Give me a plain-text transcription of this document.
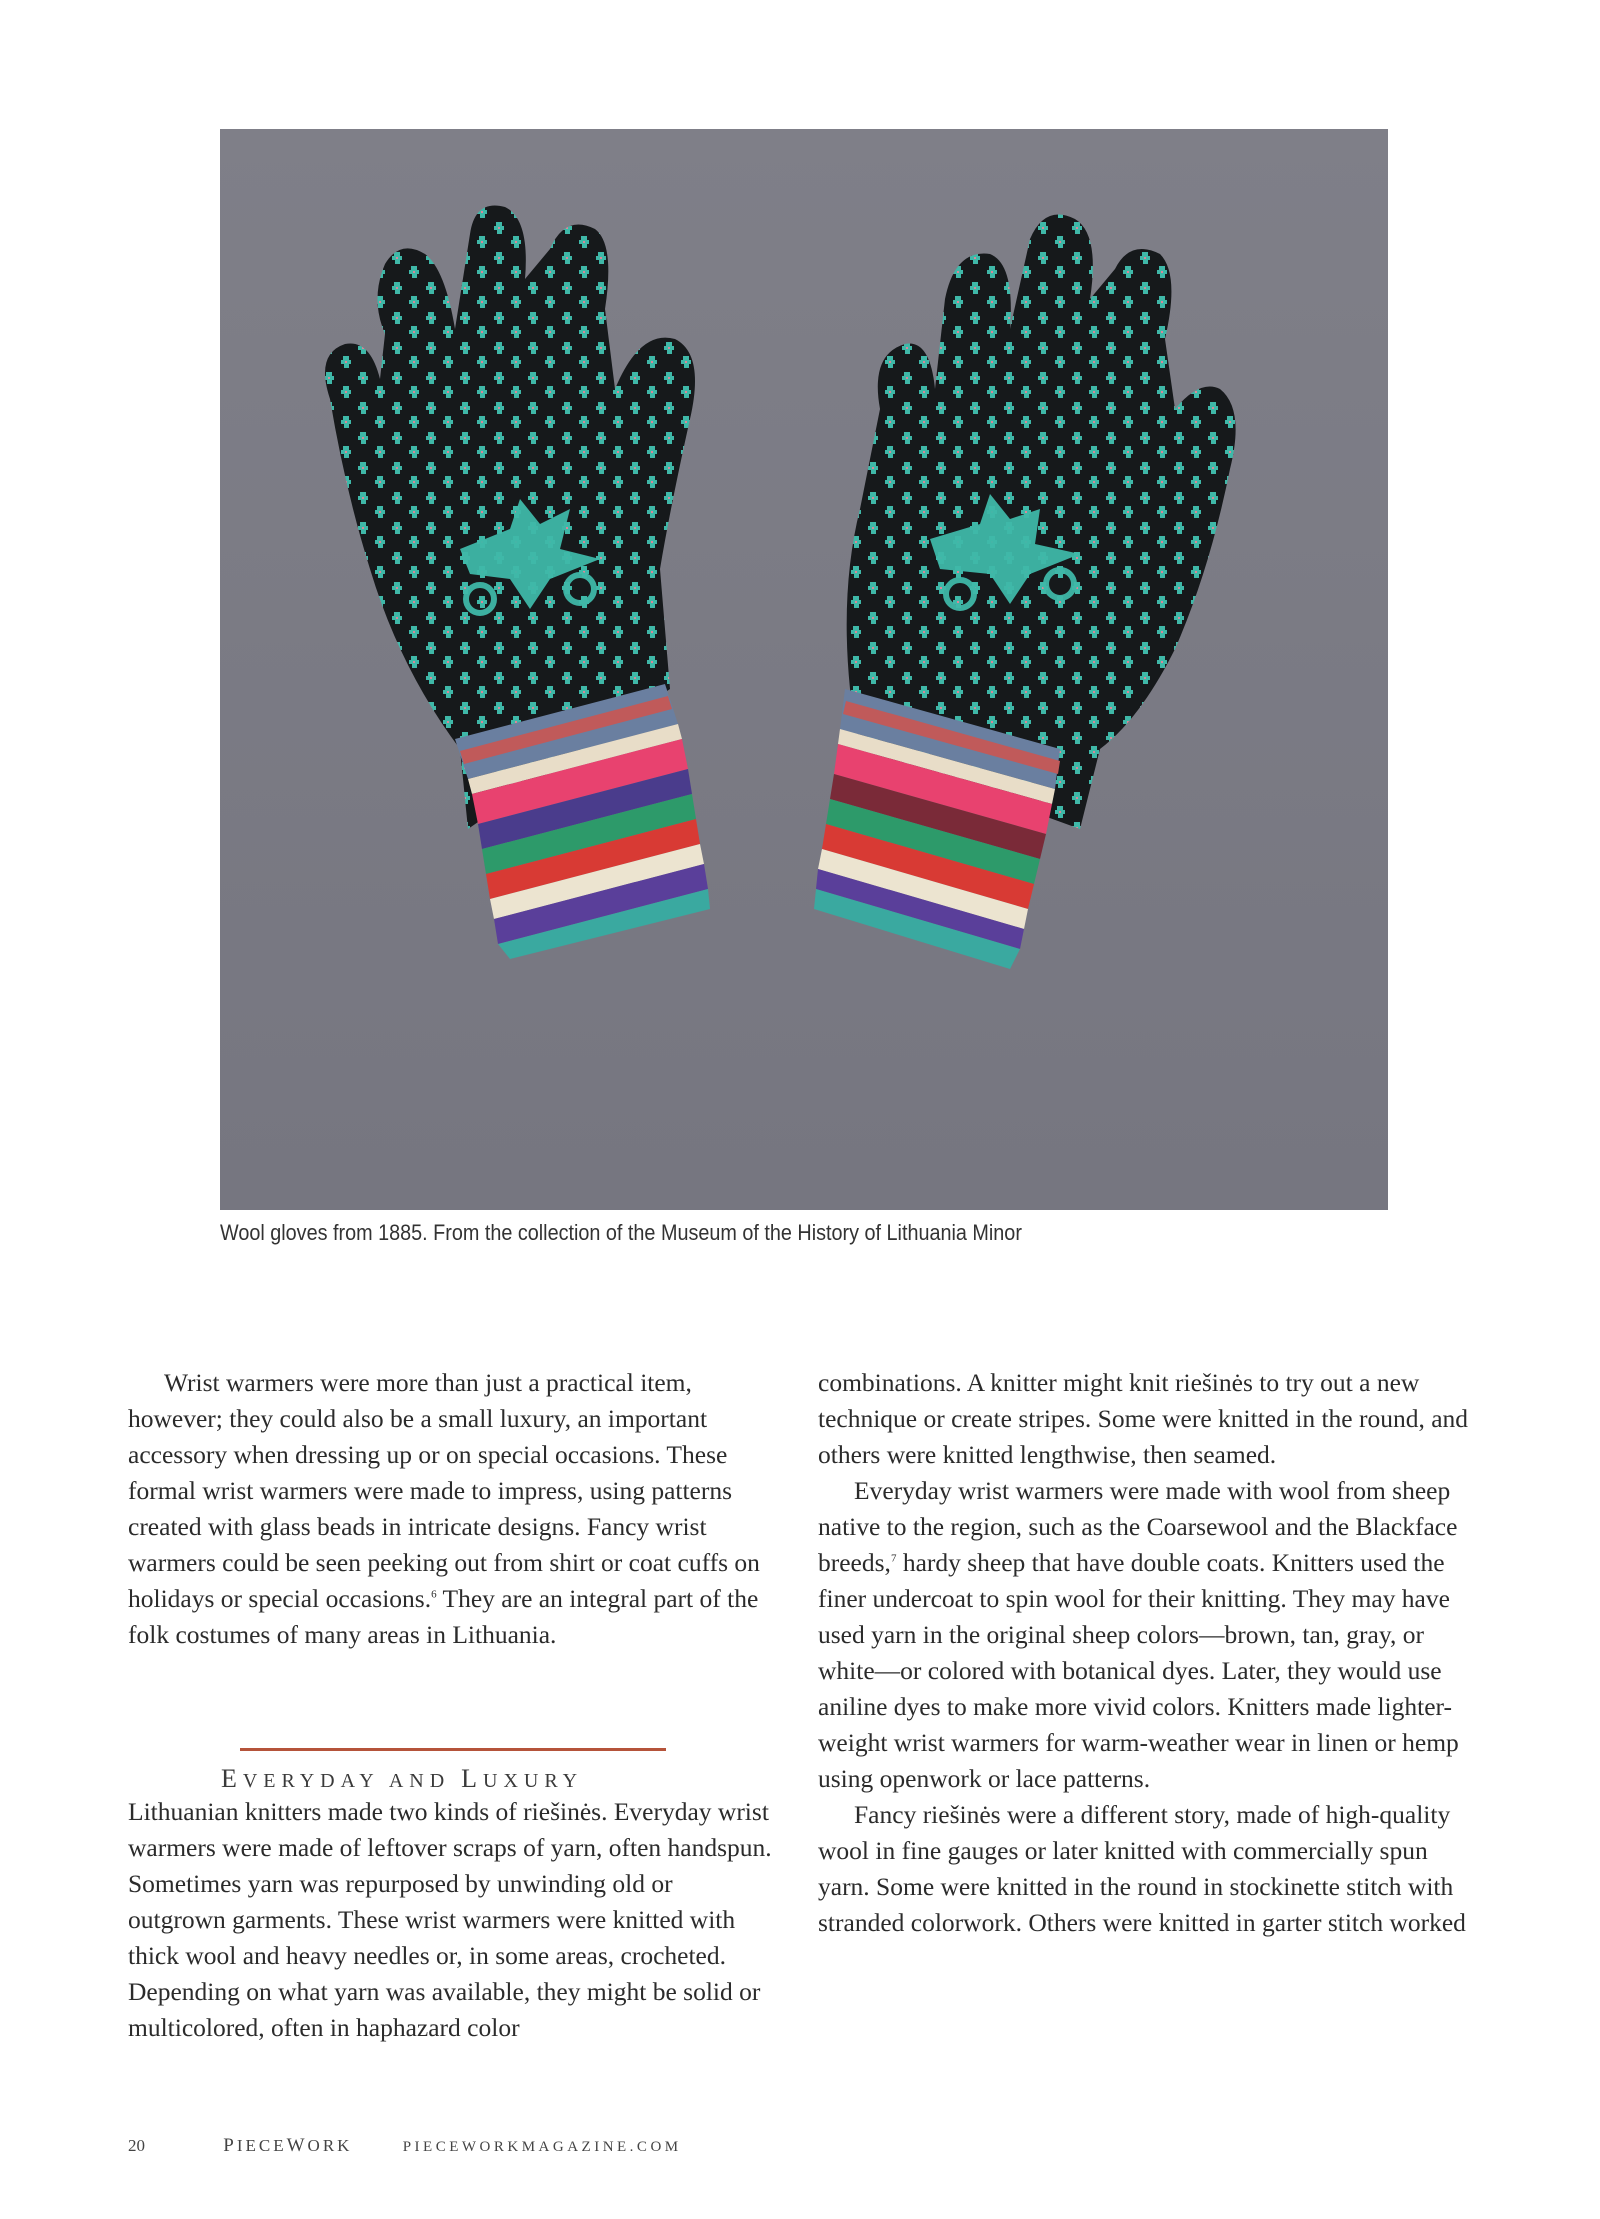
Wool gloves from 1885. From the collection of the Museum of the History of Lithuania Minor

Wrist warmers were more than just a practical item, however; they could also be a small luxury, an important accessory when dressing up or on special occasions. These formal wrist warmers were made to impress, using patterns created with glass beads in intricate designs. Fancy wrist warmers could be seen peeking out from shirt or coat cuffs on holidays or special occasions.$^6$ They are an integral part of the folk costumes of many areas in Lithuania.

EVERYDAY AND LUXURY

Lithuanian knitters made two kinds of riešinės. Everyday wrist warmers were made of leftover scraps of yarn, often handspun. Sometimes yarn was repurposed by unwinding old or outgrown garments. These wrist warmers were knitted with thick wool and heavy needles or, in some areas, crocheted. Depending on what yarn was available, they might be solid or multicolored, often in haphazard color

combinations. A knitter might knit riešinės to try out a new technique or create stripes. Some were knitted in the round, and others were knitted lengthwise, then seamed.

Everyday wrist warmers were made with wool from sheep native to the region, such as the Coarsewool and the Blackface breeds,$^7$ hardy sheep that have double coats. Knitters used the finer undercoat to spin wool for their knitting. They may have used yarn in the original sheep colors—brown, tan, gray, or white—or colored with botanical dyes. Later, they would use aniline dyes to make more vivid colors. Knitters made lighter-weight wrist warmers for warm-weather wear in linen or hemp using openwork or lace patterns.

Fancy riešinės were a different story, made of high-quality wool in fine gauges or later knitted with commercially spun yarn. Some were knitted in the round in stockinette stitch with stranded colorwork. Others were knitted in garter stitch worked

20	PIECEWORK	PIECEWORKMAGAZINE.COM
